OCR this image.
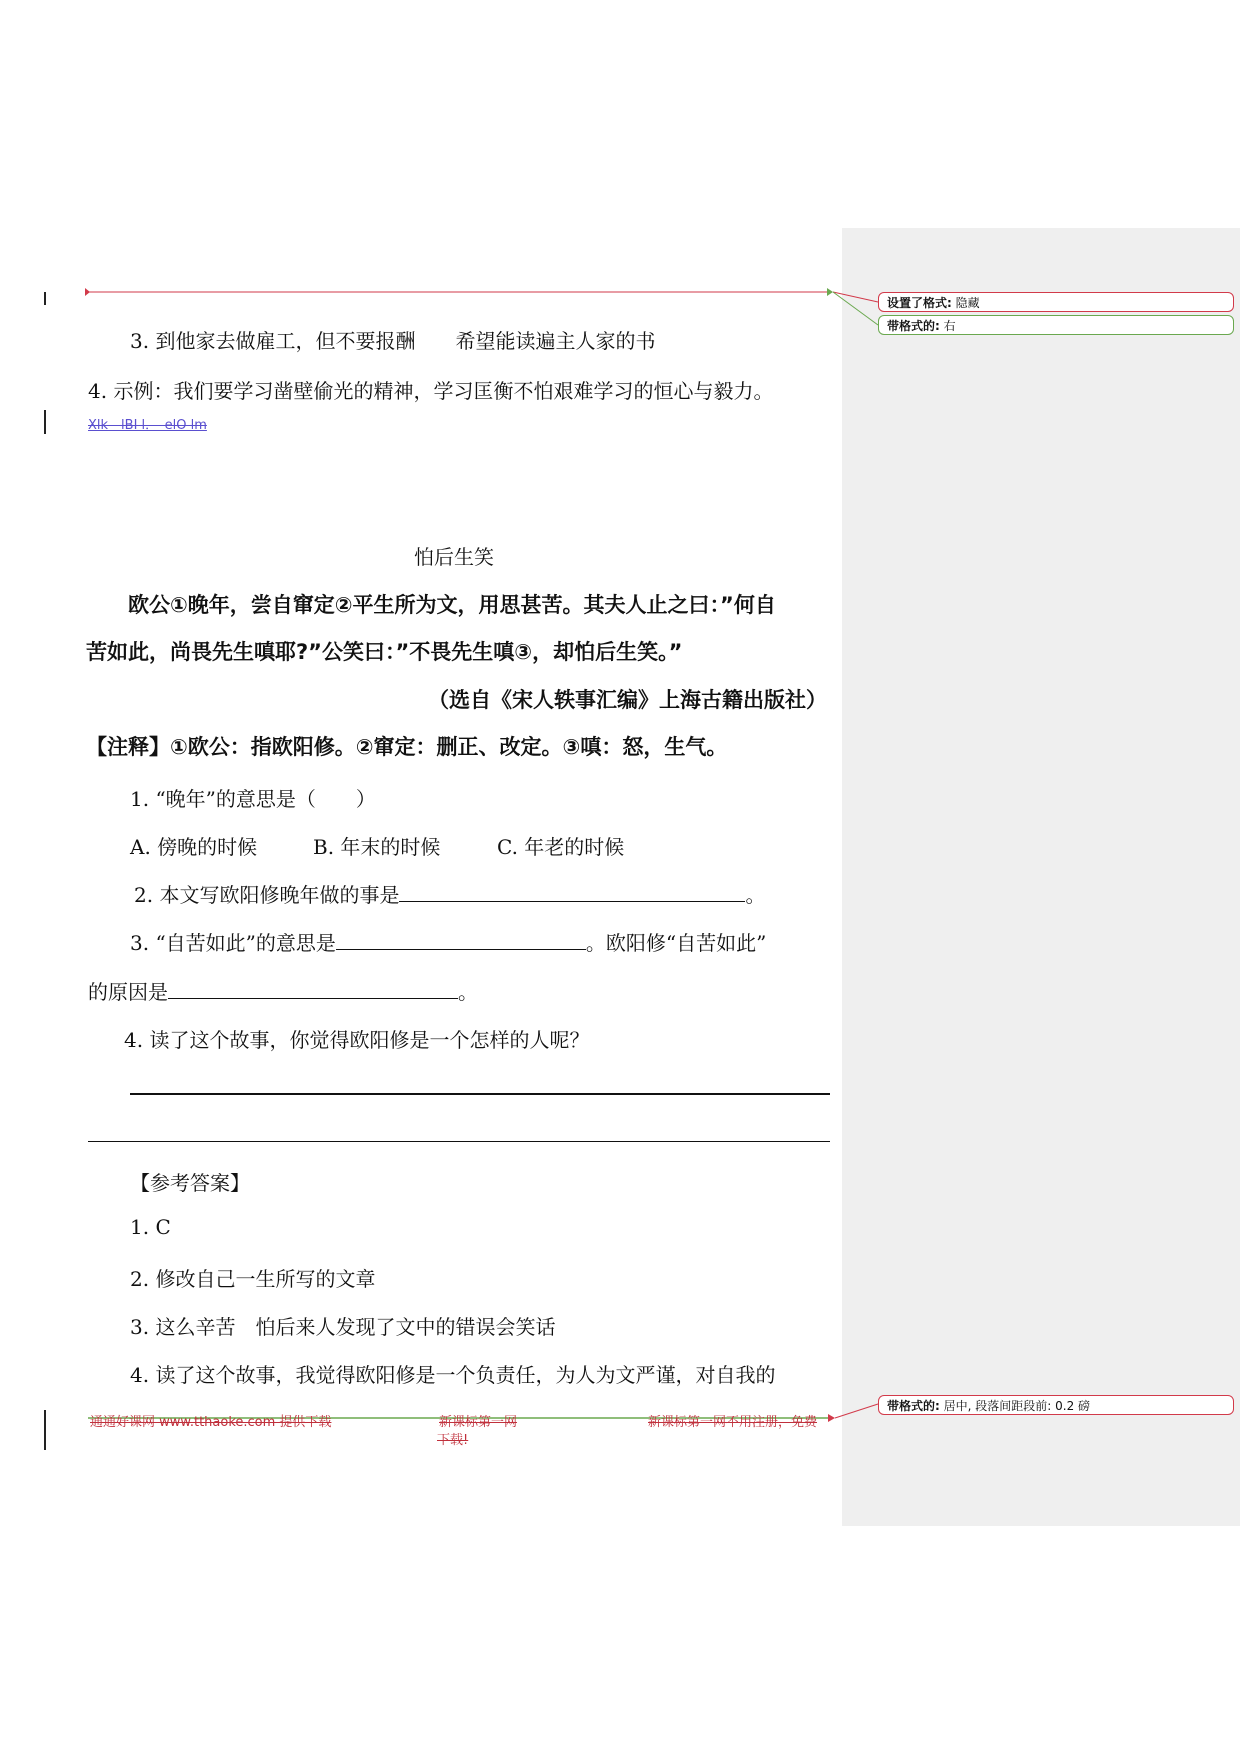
设置了格式: 隐藏
带格式的: 右
带格式的: 居中, 段落间距段前: 0.2 磅
3. 到他家去做雇工，但不要报酬　　希望能读遍主人家的书
4. 示例：我们要学习凿壁偷光的精神，学习匡衡不怕艰难学习的恒心与毅力。
Xlk　lBI l．　elO lm
怕后生笑
欧公①晚年，尝自窜定②平生所为文，用思甚苦。其夫人止之曰：”何自
苦如此，尚畏先生嗔耶?”公笑曰：”不畏先生嗔③，却怕后生笑。”
（选自《宋人轶事汇编》上海古籍出版社）
【注释】①欧公：指欧阳修。②窜定：删正、改定。③嗔：怒，生气。
1. “晚年”的意思是（　　）
A. 傍晚的时候	B. 年末的时候	C. 年老的时候
2. 本文写欧阳修晚年做的事是	。
3. “自苦如此”的意思是	。欧阳修“自苦如此”
的原因是	。
4. 读了这个故事，你觉得欧阳修是一个怎样的人呢？
【参考答案】
1. C
2. 修改自己一生所写的文章
3. 这么辛苦　怕后来人发现了文中的错误会笑话
4. 读了这个故事，我觉得欧阳修是一个负责任，为人为文严谨，对自我的
通通好课网 www.tthaoke.com 提供下载	新课标第一网
下载!
新课标第一网不用注册，免费
